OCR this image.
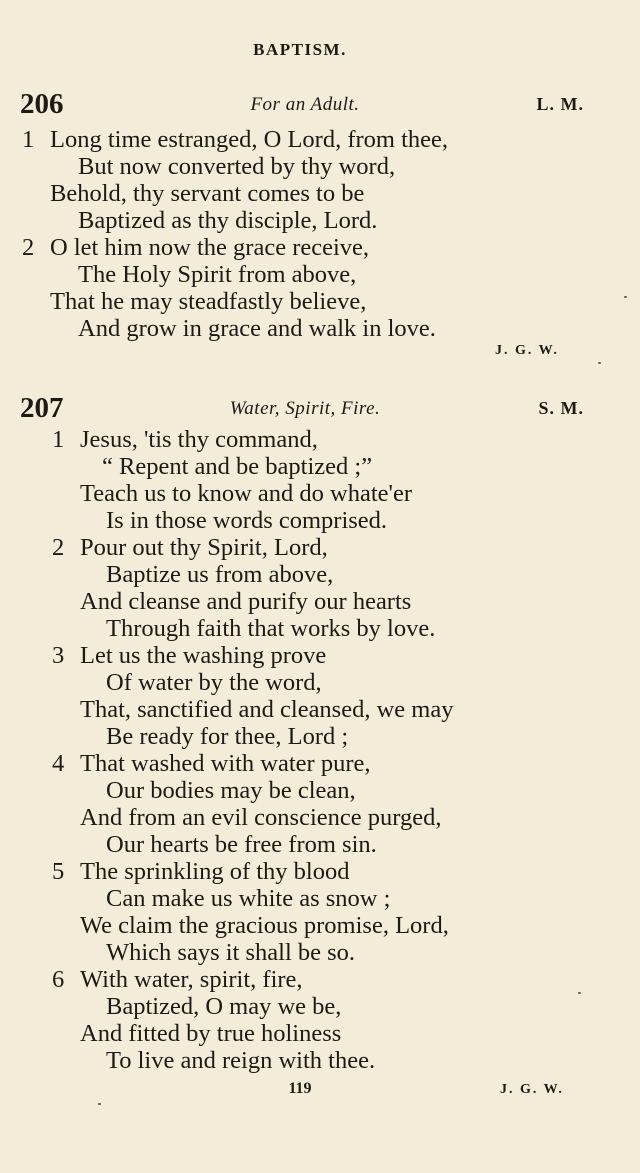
BAPTISM.
206	For an Adult.	L. M.
1 Long time estranged, O Lord, from thee,
But now converted by thy word,
Behold, thy servant comes to be
Baptized as thy disciple, Lord.
2 O let him now the grace receive,
The Holy Spirit from above,
That he may steadfastly believe,
And grow in grace and walk in love.
J. G. W.
207	Water, Spirit, Fire.	S. M.
1 Jesus, 'tis thy command,
“ Repent and be baptized ;”
Teach us to know and do whate'er
Is in those words comprised.
2 Pour out thy Spirit, Lord,
Baptize us from above,
And cleanse and purify our hearts
Through faith that works by love.
3 Let us the washing prove
Of water by the word,
That, sanctified and cleansed, we may
Be ready for thee, Lord ;
4 That washed with water pure,
Our bodies may be clean,
And from an evil conscience purged,
Our hearts be free from sin.
5 The sprinkling of thy blood
Can make us white as snow ;
We claim the gracious promise, Lord,
Which says it shall be so.
6 With water, spirit, fire,
Baptized, O may we be,
And fitted by true holiness
To live and reign with thee.
119	J. G. W.
